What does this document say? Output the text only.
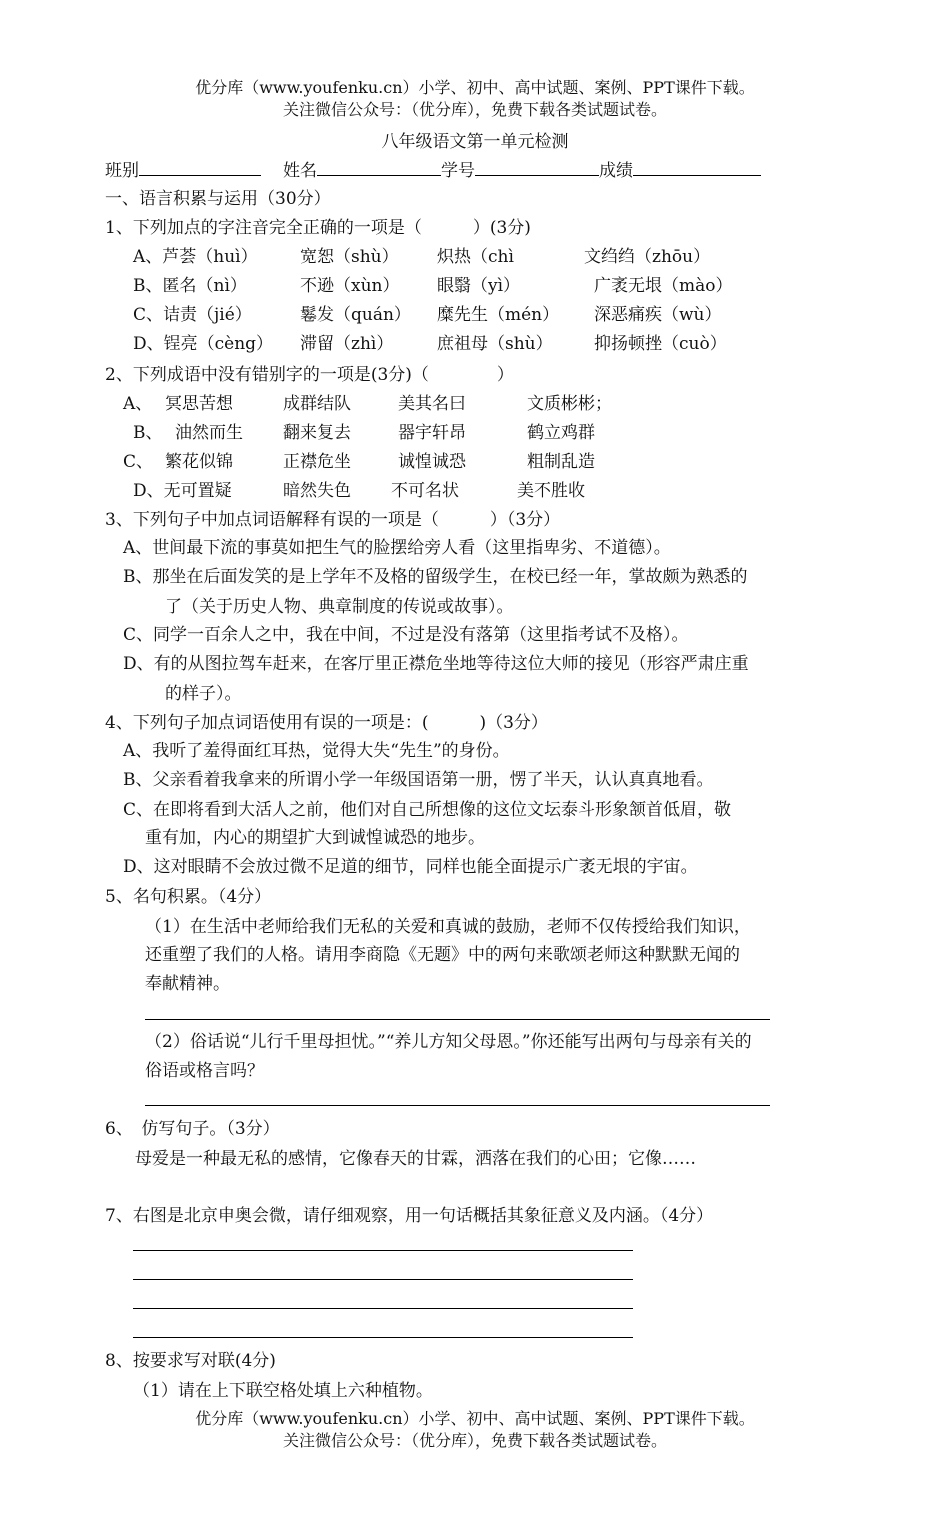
优分库（www.youfenku.cn）小学、初中、高中试题、案例、PPT课件下载。
关注微信公众号：（优分库），免费下载各类试题试卷。
八年级语文第一单元检测
班别	姓名	学号	成绩
一、语言积累与运用（30分）
1、下列加点的字注音完全正确的一项是（　　　）(3分)
A、芦荟（huì） 宽恕（shù） 炽热（chì	文绉绉（zhōu）
B、匿名（nì）	不逊（xùn） 眼翳（yì）	广袤无垠（mào）
C、诘责（jié）	鬈发（quán） 糜先生（mén） 深恶痛疾（wù）
D、锃亮（cèng） 滞留（zhì）	庶祖母（shù） 抑扬顿挫（cuò）
2、下列成语中没有错别字的一项是(3分)（　　　　）
A、 冥思苦想	成群结队	美其名曰	文质彬彬；
B、 油然而生 翻来复去	器宇轩昂	鹤立鸡群
C、 繁花似锦	正襟危坐	诚惶诚恐	粗制乱造
D、无可置疑	暗然失色 不可名状	美不胜收
3、下列句子中加点词语解释有误的一项是（　　　）（3分）
A、世间最下流的事莫如把生气的脸摆给旁人看（这里指卑劣、不道德）。
B、那坐在后面发笑的是上学年不及格的留级学生，在校已经一年，掌故颇为熟悉的
了（关于历史人物、典章制度的传说或故事）。
C、同学一百余人之中，我在中间，不过是没有落第（这里指考试不及格）。
D、有的从图拉驾车赶来，在客厅里正襟危坐地等待这位大师的接见（形容严肃庄重
的样子）。
4、下列句子加点词语使用有误的一项是：(　　　)（3分）
A、我听了羞得面红耳热，觉得大失“先生”的身份。
B、父亲看着我拿来的所谓小学一年级国语第一册，愣了半天，认认真真地看。
C、在即将看到大活人之前，他们对自己所想像的这位文坛泰斗形象颔首低眉，敬
重有加，内心的期望扩大到诚惶诚恐的地步。
D、这对眼睛不会放过微不足道的细节，同样也能全面提示广袤无垠的宇宙。
5、名句积累。（4分）
（1）在生活中老师给我们无私的关爱和真诚的鼓励，老师不仅传授给我们知识，
还重塑了我们的人格。请用李商隐《无题》中的两句来歌颂老师这种默默无闻的
奉献精神。
（2）俗话说“儿行千里母担忧。”“养儿方知父母恩。”你还能写出两句与母亲有关的
俗语或格言吗？
6、　仿写句子。（3分）
母爱是一种最无私的感情，它像春天的甘霖，洒落在我们的心田；它像……
7、右图是北京申奥会微，请仔细观察，用一句话概括其象征意义及内涵。（4分）
8、按要求写对联(4分)
（1）请在上下联空格处填上六种植物。
优分库（www.youfenku.cn）小学、初中、高中试题、案例、PPT课件下载。
关注微信公众号：（优分库），免费下载各类试题试卷。
